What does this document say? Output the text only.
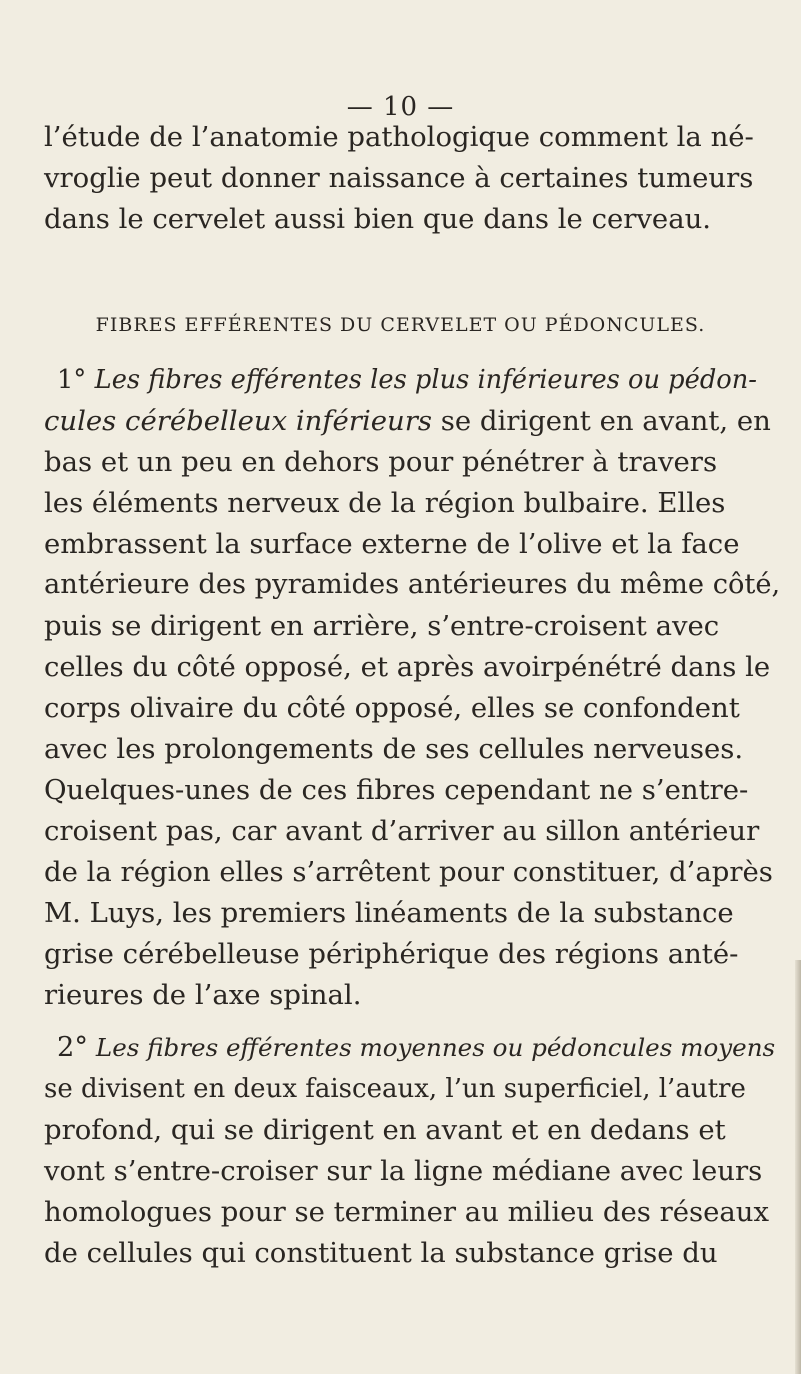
— 10 —
l’étude de l’anatomie pathologique comment la né-
vroglie peut donner naissance à certaines tumeurs
dans le cervelet aussi bien que dans le cerveau.
FIBRES EFFÉRENTES DU CERVELET OU PÉDONCULES.
1° Les fibres efférentes les plus inférieures ou pédon-
cules cérébelleux inférieurs se dirigent en avant, en
bas et un peu en dehors pour pénétrer à travers
les éléments nerveux de la région bulbaire. Elles
embrassent la surface externe de l’olive et la face
antérieure des pyramides antérieures du même côté,
puis se dirigent en arrière, s’entre-croisent avec
celles du côté opposé, et après avoirpénétré dans le
corps olivaire du côté opposé, elles se confondent
avec les prolongements de ses cellules nerveuses.
Quelques-unes de ces fibres cependant ne s’entre-
croisent pas, car avant d’arriver au sillon antérieur
de la région elles s’arrêtent pour constituer, d’après
M. Luys, les premiers linéaments de la substance
grise cérébelleuse périphérique des régions anté-
rieures de l’axe spinal.
2° Les fibres efférentes moyennes ou pédoncules moyens
se divisent en deux faisceaux, l’un superficiel, l’autre
profond, qui se dirigent en avant et en dedans et
vont s’entre-croiser sur la ligne médiane avec leurs
homologues pour se terminer au milieu des réseaux
de cellules qui constituent la substance grise du
